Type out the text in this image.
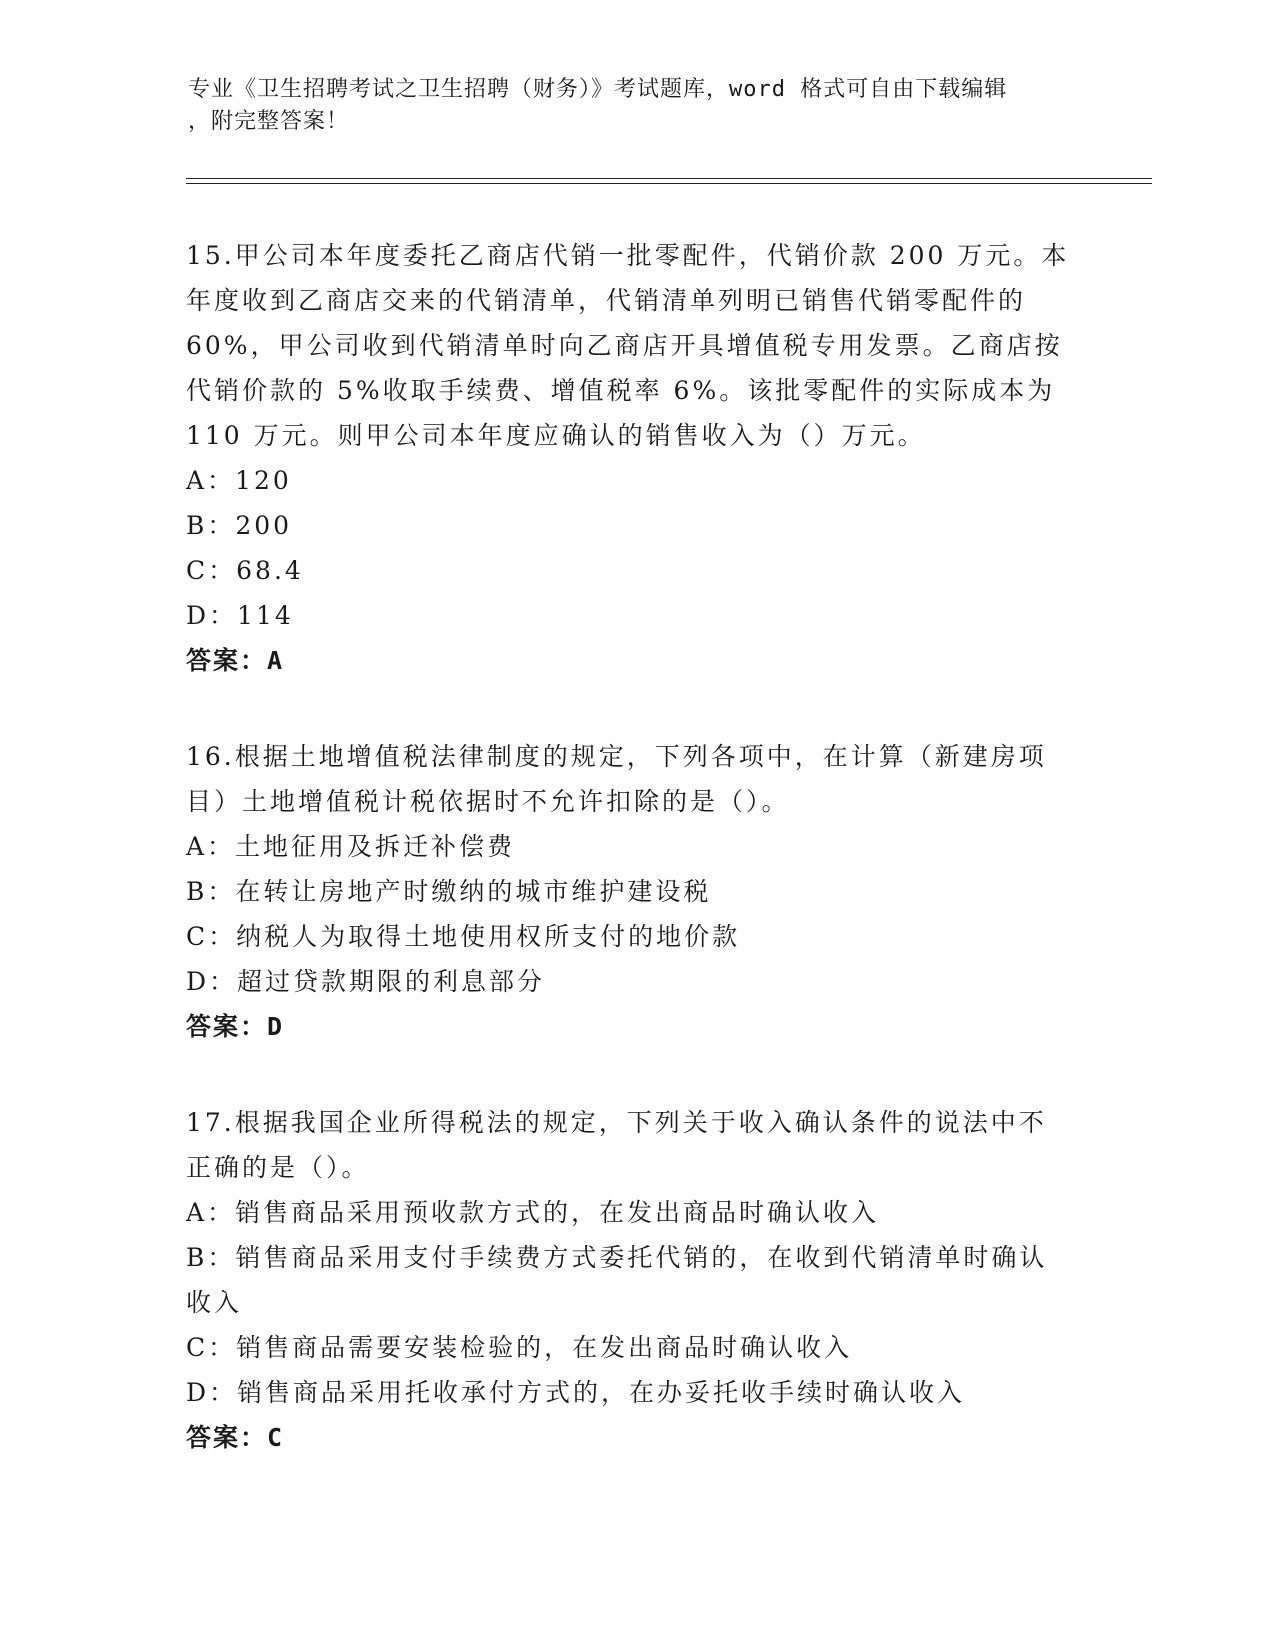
专业《卫生招聘考试之卫生招聘（财务）》考试题库，word 格式可自由下载编辑
，附完整答案！
15.甲公司本年度委托乙商店代销一批零配件，代销价款 200 万元。本
年度收到乙商店交来的代销清单，代销清单列明已销售代销零配件的
60%，甲公司收到代销清单时向乙商店开具增值税专用发票。乙商店按
代销价款的 5%收取手续费、增值税率 6%。该批零配件的实际成本为
110 万元。则甲公司本年度应确认的销售收入为（）万元。
A：120
B：200
C：68.4
D：114
答案：A
16.根据土地增值税法律制度的规定，下列各项中，在计算（新建房项
目）土地增值税计税依据时不允许扣除的是（）。
A：土地征用及拆迁补偿费
B：在转让房地产时缴纳的城市维护建设税
C：纳税人为取得土地使用权所支付的地价款
D：超过贷款期限的利息部分
答案：D
17.根据我国企业所得税法的规定，下列关于收入确认条件的说法中不
正确的是（）。
A：销售商品采用预收款方式的，在发出商品时确认收入
B：销售商品采用支付手续费方式委托代销的，在收到代销清单时确认
收入
C：销售商品需要安装检验的，在发出商品时确认收入
D：销售商品采用托收承付方式的，在办妥托收手续时确认收入
答案：C
